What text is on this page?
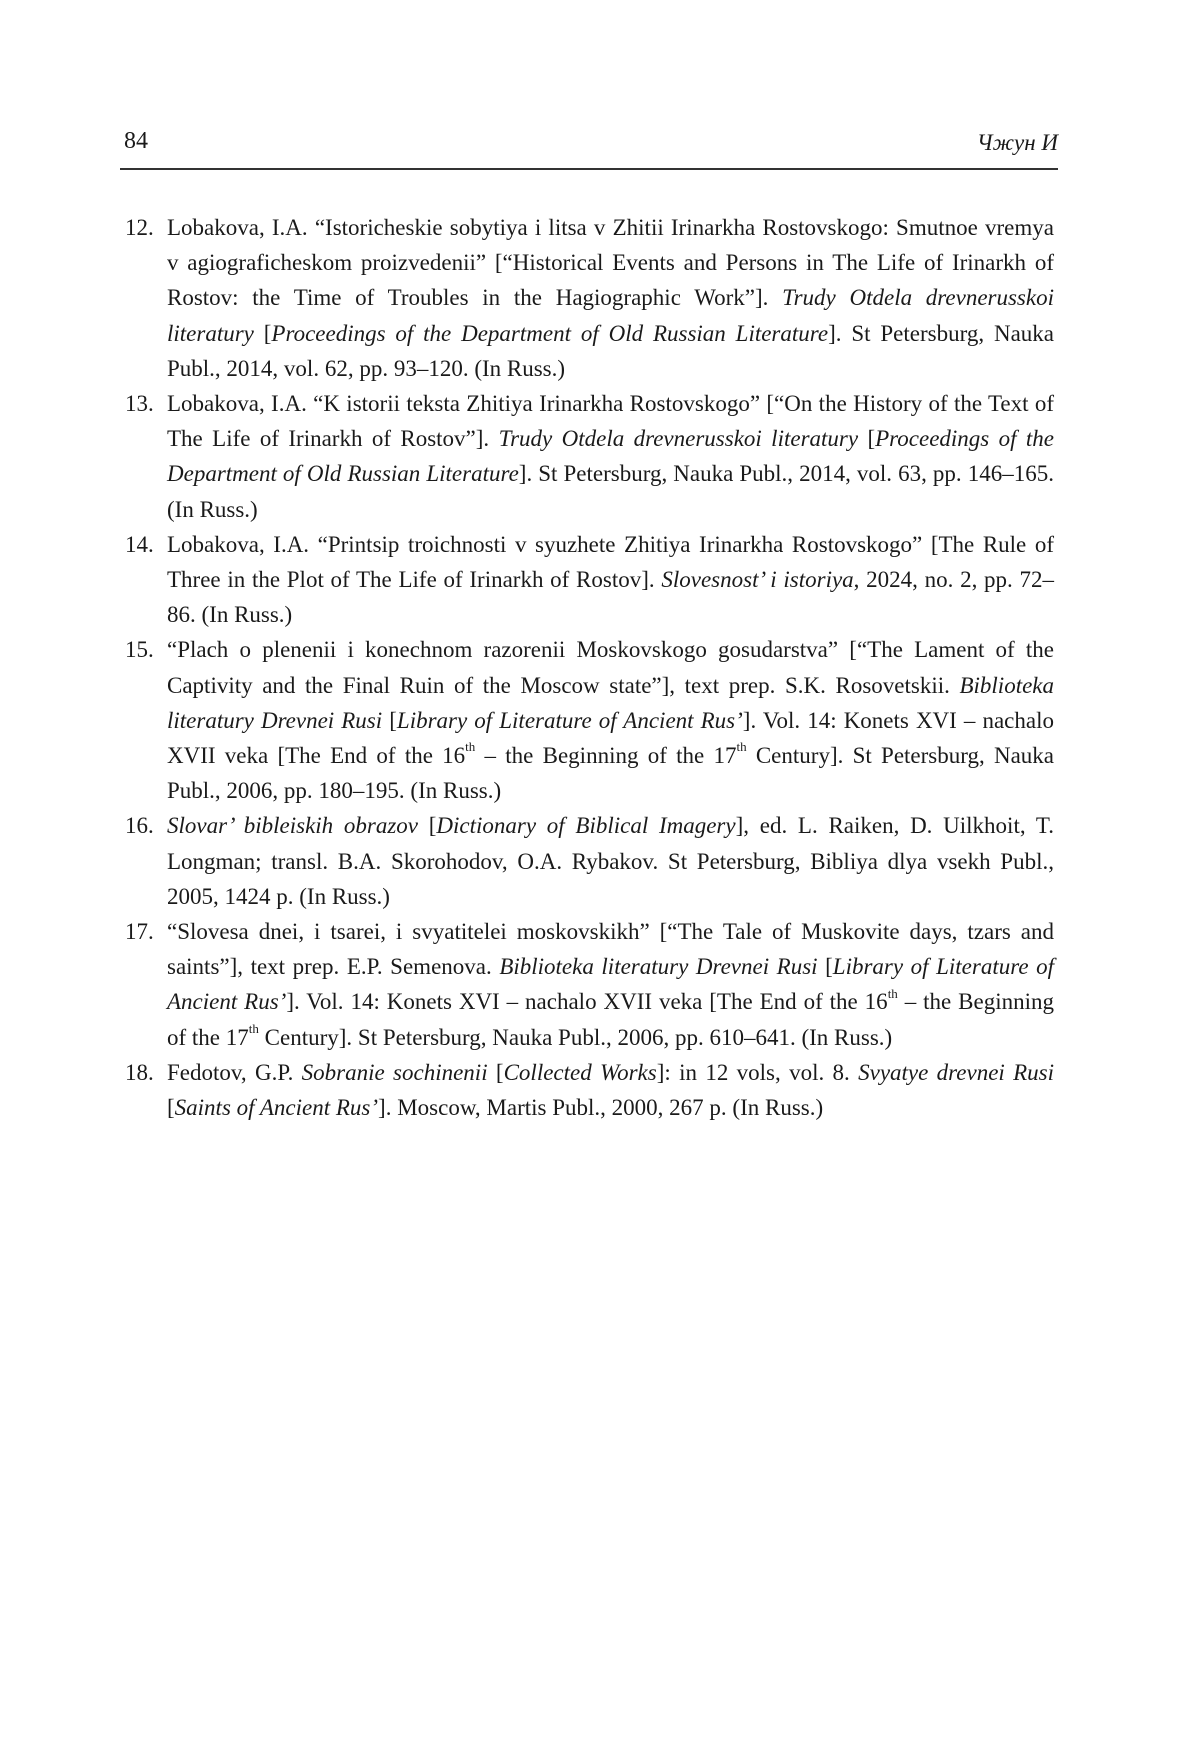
84	Чжун И
12. Lobakova, I.A. “Istoricheskie sobytiya i litsa v Zhitii Irinarkha Rostovskogo: Smutnoe vremya v agiograficheskom proizvedenii” [“Historical Events and Persons in The Life of Irinarkh of Rostov: the Time of Troubles in the Hagiographic Work”]. Trudy Otdela drevnerusskoi literatury [Proceedings of the Department of Old Russian Literature]. St Petersburg, Nauka Publ., 2014, vol. 62, pp. 93–120. (In Russ.)
13. Lobakova, I.A. “K istorii teksta Zhitiya Irinarkha Rostovskogo” [“On the History of the Text of The Life of Irinarkh of Rostov”]. Trudy Otdela drevnerusskoi literatury [Proceedings of the Department of Old Russian Literature]. St Petersburg, Nauka Publ., 2014, vol. 63, pp. 146–165. (In Russ.)
14. Lobakova, I.A. “Printsip troichnosti v syuzhete Zhitiya Irinarkha Rostovskogo” [The Rule of Three in the Plot of The Life of Irinarkh of Rostov]. Slovesnost’ i istoriya, 2024, no. 2, pp. 72–86. (In Russ.)
15. “Plach o plenenii i konechnom razorenii Moskovskogo gosudarstva” [“The Lament of the Captivity and the Final Ruin of the Moscow state”], text prep. S.K. Rosovetskii. Biblioteka literatury Drevnei Rusi [Library of Literature of Ancient Rus’]. Vol. 14: Konets XVI – nachalo XVII veka [The End of the 16th – the Beginning of the 17th Century]. St Petersburg, Nauka Publ., 2006, pp. 180–195. (In Russ.)
16. Slovar’ bibleiskih obrazov [Dictionary of Biblical Imagery], ed. L. Raiken, D. Uilkhoit, T. Longman; transl. B.A. Skorohodov, O.A. Rybakov. St Petersburg, Bibliya dlya vsekh Publ., 2005, 1424 p. (In Russ.)
17. “Slovesa dnei, i tsarei, i svyatitelei moskovskikh” [“The Tale of Muskovite days, tzars and saints”], text prep. E.P. Semenova. Biblioteka literatury Drevnei Rusi [Library of Literature of Ancient Rus’]. Vol. 14: Konets XVI – nachalo XVII veka [The End of the 16th – the Beginning of the 17th Century]. St Petersburg, Nauka Publ., 2006, pp. 610–641. (In Russ.)
18. Fedotov, G.P. Sobranie sochinenii [Collected Works]: in 12 vols, vol. 8. Svyatye drevnei Rusi [Saints of Ancient Rus’]. Moscow, Martis Publ., 2000, 267 p. (In Russ.)
